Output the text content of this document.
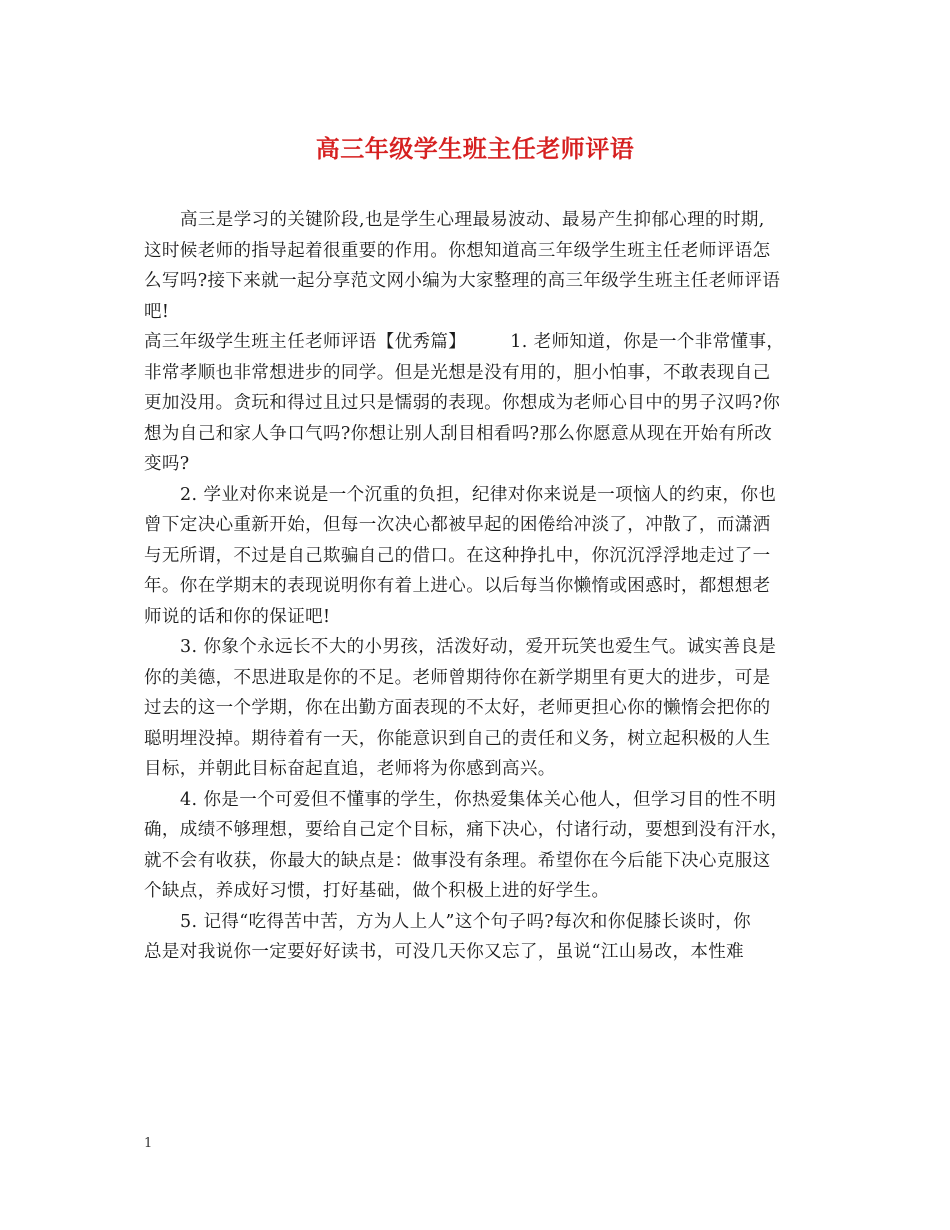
高三年级学生班主任老师评语
高三是学习的关键阶段,也是学生心理最易波动、最易产生抑郁心理的时期,
这时候老师的指导起着很重要的作用。你想知道高三年级学生班主任老师评语怎
么写吗?接下来就一起分享范文网小编为大家整理的高三年级学生班主任老师评语
吧!
高三年级学生班主任老师评语【优秀篇】	1. 老师知道，你是一个非常懂事，
非常孝顺也非常想进步的同学。但是光想是没有用的，胆小怕事，不敢表现自己
更加没用。贪玩和得过且过只是懦弱的表现。你想成为老师心目中的男子汉吗?你
想为自己和家人争口气吗?你想让别人刮目相看吗?那么你愿意从现在开始有所改
变吗?
2. 学业对你来说是一个沉重的负担，纪律对你来说是一项恼人的约束，你也
曾下定决心重新开始，但每一次决心都被早起的困倦给冲淡了，冲散了，而潇洒
与无所谓，不过是自己欺骗自己的借口。在这种挣扎中，你沉沉浮浮地走过了一
年。你在学期末的表现说明你有着上进心。以后每当你懒惰或困惑时，都想想老
师说的话和你的保证吧!
3. 你象个永远长不大的小男孩，活泼好动，爱开玩笑也爱生气。诚实善良是
你的美德，不思进取是你的不足。老师曾期待你在新学期里有更大的进步，可是
过去的这一个学期，你在出勤方面表现的不太好，老师更担心你的懒惰会把你的
聪明埋没掉。期待着有一天，你能意识到自己的责任和义务，树立起积极的人生
目标，并朝此目标奋起直追，老师将为你感到高兴。
4. 你是一个可爱但不懂事的学生，你热爱集体关心他人，但学习目的性不明
确，成绩不够理想，要给自己定个目标，痛下决心，付诸行动，要想到没有汗水，
就不会有收获，你最大的缺点是：做事没有条理。希望你在今后能下决心克服这
个缺点，养成好习惯，打好基础，做个积极上进的好学生。
5. 记得“吃得苦中苦，方为人上人”这个句子吗?每次和你促膝长谈时，你
总是对我说你一定要好好读书，可没几天你又忘了，虽说“江山易改，本性难
1
